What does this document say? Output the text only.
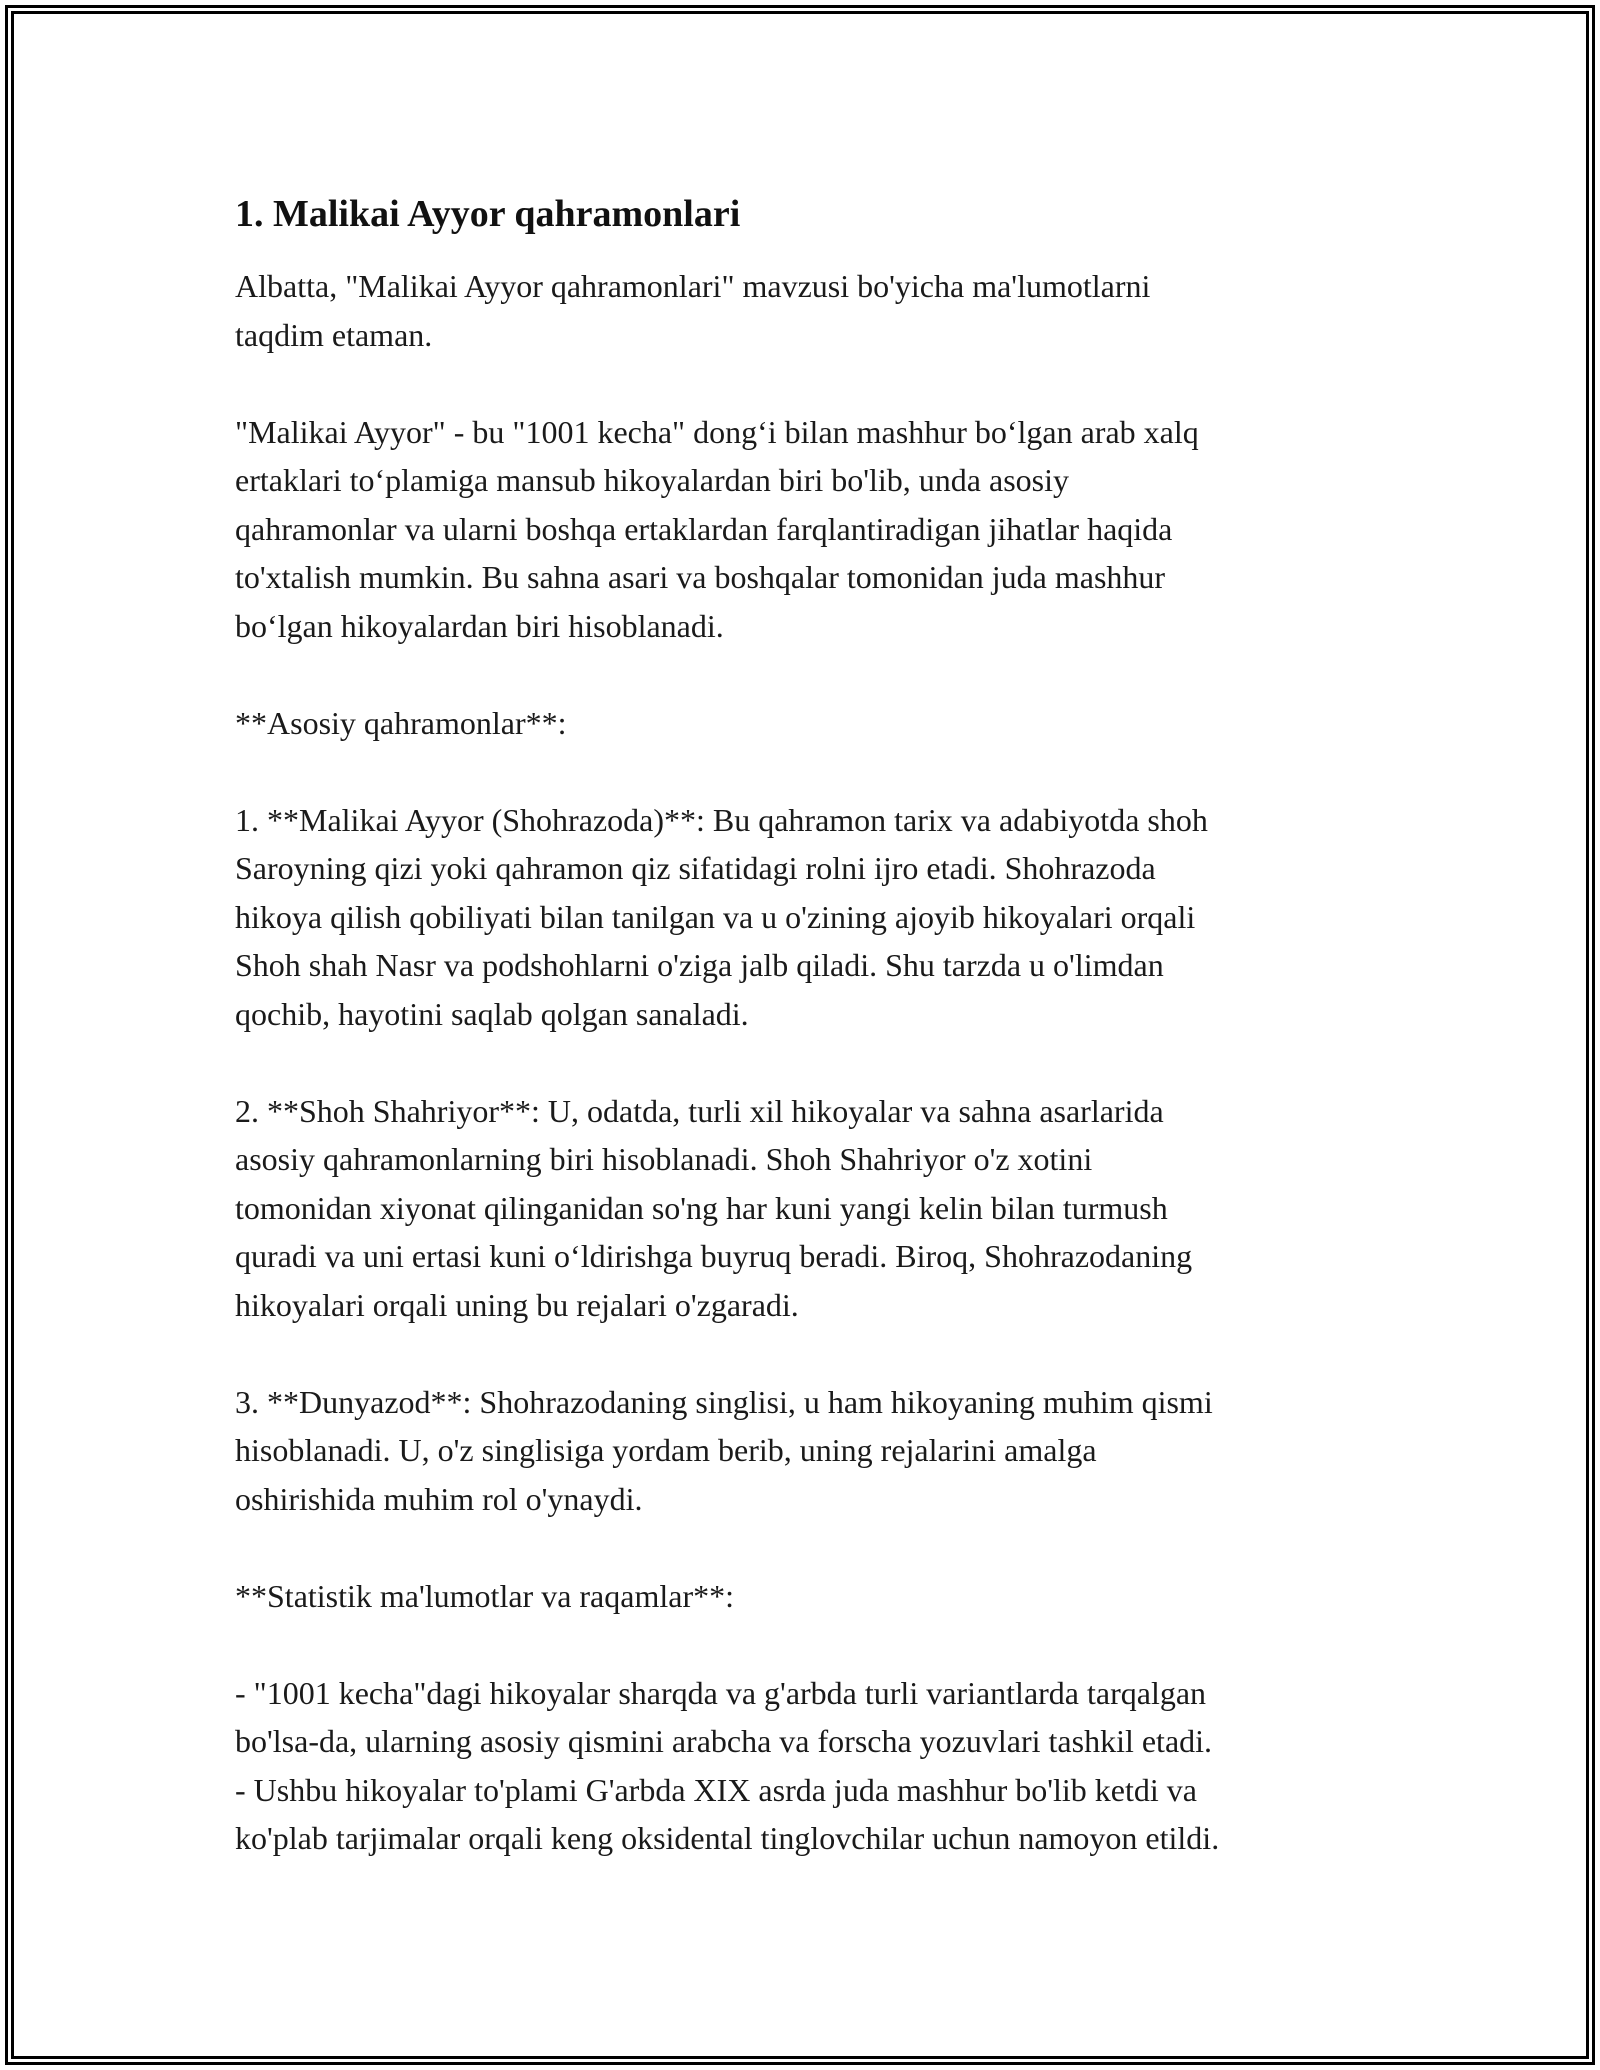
1. Malikai Ayyor qahramonlari

Albatta, "Malikai Ayyor qahramonlari" mavzusi bo'yicha ma'lumotlarni
taqdim etaman.

"Malikai Ayyor" - bu "1001 kecha" dong‘i bilan mashhur bo‘lgan arab xalq
ertaklari to‘plamiga mansub hikoyalardan biri bo'lib, unda asosiy
qahramonlar va ularni boshqa ertaklardan farqlantiradigan jihatlar haqida
to'xtalish mumkin. Bu sahna asari va boshqalar tomonidan juda mashhur
bo‘lgan hikoyalardan biri hisoblanadi.

**Asosiy qahramonlar**:

1. **Malikai Ayyor (Shohrazoda)**: Bu qahramon tarix va adabiyotda shoh
Saroyning qizi yoki qahramon qiz sifatidagi rolni ijro etadi. Shohrazoda
hikoya qilish qobiliyati bilan tanilgan va u o'zining ajoyib hikoyalari orqali
Shoh shah Nasr va podshohlarni o'ziga jalb qiladi. Shu tarzda u o'limdan
qochib, hayotini saqlab qolgan sanaladi.

2. **Shoh Shahriyor**: U, odatda, turli xil hikoyalar va sahna asarlarida
asosiy qahramonlarning biri hisoblanadi. Shoh Shahriyor o'z xotini
tomonidan xiyonat qilinganidan so'ng har kuni yangi kelin bilan turmush
quradi va uni ertasi kuni o‘ldirishga buyruq beradi. Biroq, Shohrazodaning
hikoyalari orqali uning bu rejalari o'zgaradi.

3. **Dunyazod**: Shohrazodaning singlisi, u ham hikoyaning muhim qismi
hisoblanadi. U, o'z singlisiga yordam berib, uning rejalarini amalga
oshirishida muhim rol o'ynaydi.

**Statistik ma'lumotlar va raqamlar**:

- "1001 kecha"dagi hikoyalar sharqda va g'arbda turli variantlarda tarqalgan
bo'lsa-da, ularning asosiy qismini arabcha va forscha yozuvlari tashkil etadi.
- Ushbu hikoyalar to'plami G'arbda XIX asrda juda mashhur bo'lib ketdi va
ko'plab tarjimalar orqali keng oksidental tinglovchilar uchun namoyon etildi.
